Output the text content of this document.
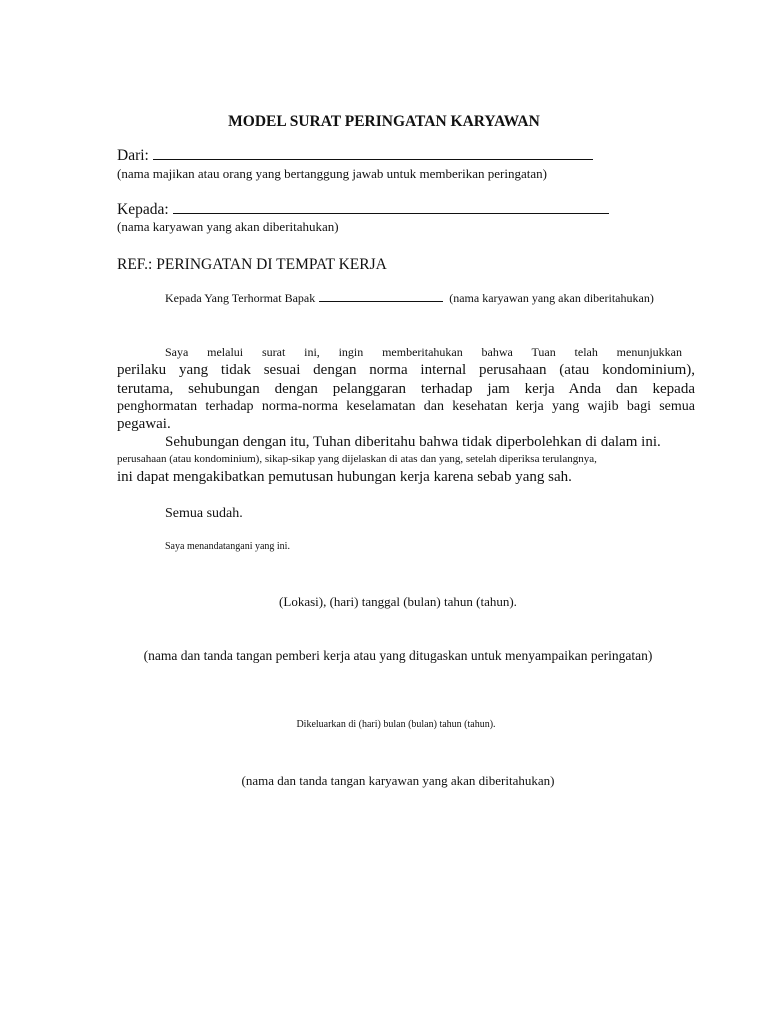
MODEL SURAT PERINGATAN KARYAWAN
Dari:
(nama majikan atau orang yang bertanggung jawab untuk memberikan peringatan)
Kepada:
(nama karyawan yang akan diberitahukan)
REF.: PERINGATAN DI TEMPAT KERJA
Kepada Yang Terhormat Bapak	(nama karyawan yang akan diberitahukan)
Saya melalui surat ini, ingin memberitahukan bahwa Tuan telah menunjukkan
perilaku yang tidak sesuai dengan norma internal perusahaan (atau kondominium),
terutama, sehubungan dengan pelanggaran terhadap jam kerja Anda dan kepada
penghormatan terhadap norma-norma keselamatan dan kesehatan kerja yang wajib bagi semua
pegawai.
Sehubungan dengan itu, Tuhan diberitahu bahwa tidak diperbolehkan di dalam ini.
perusahaan (atau kondominium), sikap-sikap yang dijelaskan di atas dan yang, setelah diperiksa terulangnya,
ini dapat mengakibatkan pemutusan hubungan kerja karena sebab yang sah.
Semua sudah.
Saya menandatangani yang ini.
(Lokasi), (hari) tanggal (bulan) tahun (tahun).
(nama dan tanda tangan pemberi kerja atau yang ditugaskan untuk menyampaikan peringatan)
Dikeluarkan di (hari) bulan (bulan) tahun (tahun).
(nama dan tanda tangan karyawan yang akan diberitahukan)
